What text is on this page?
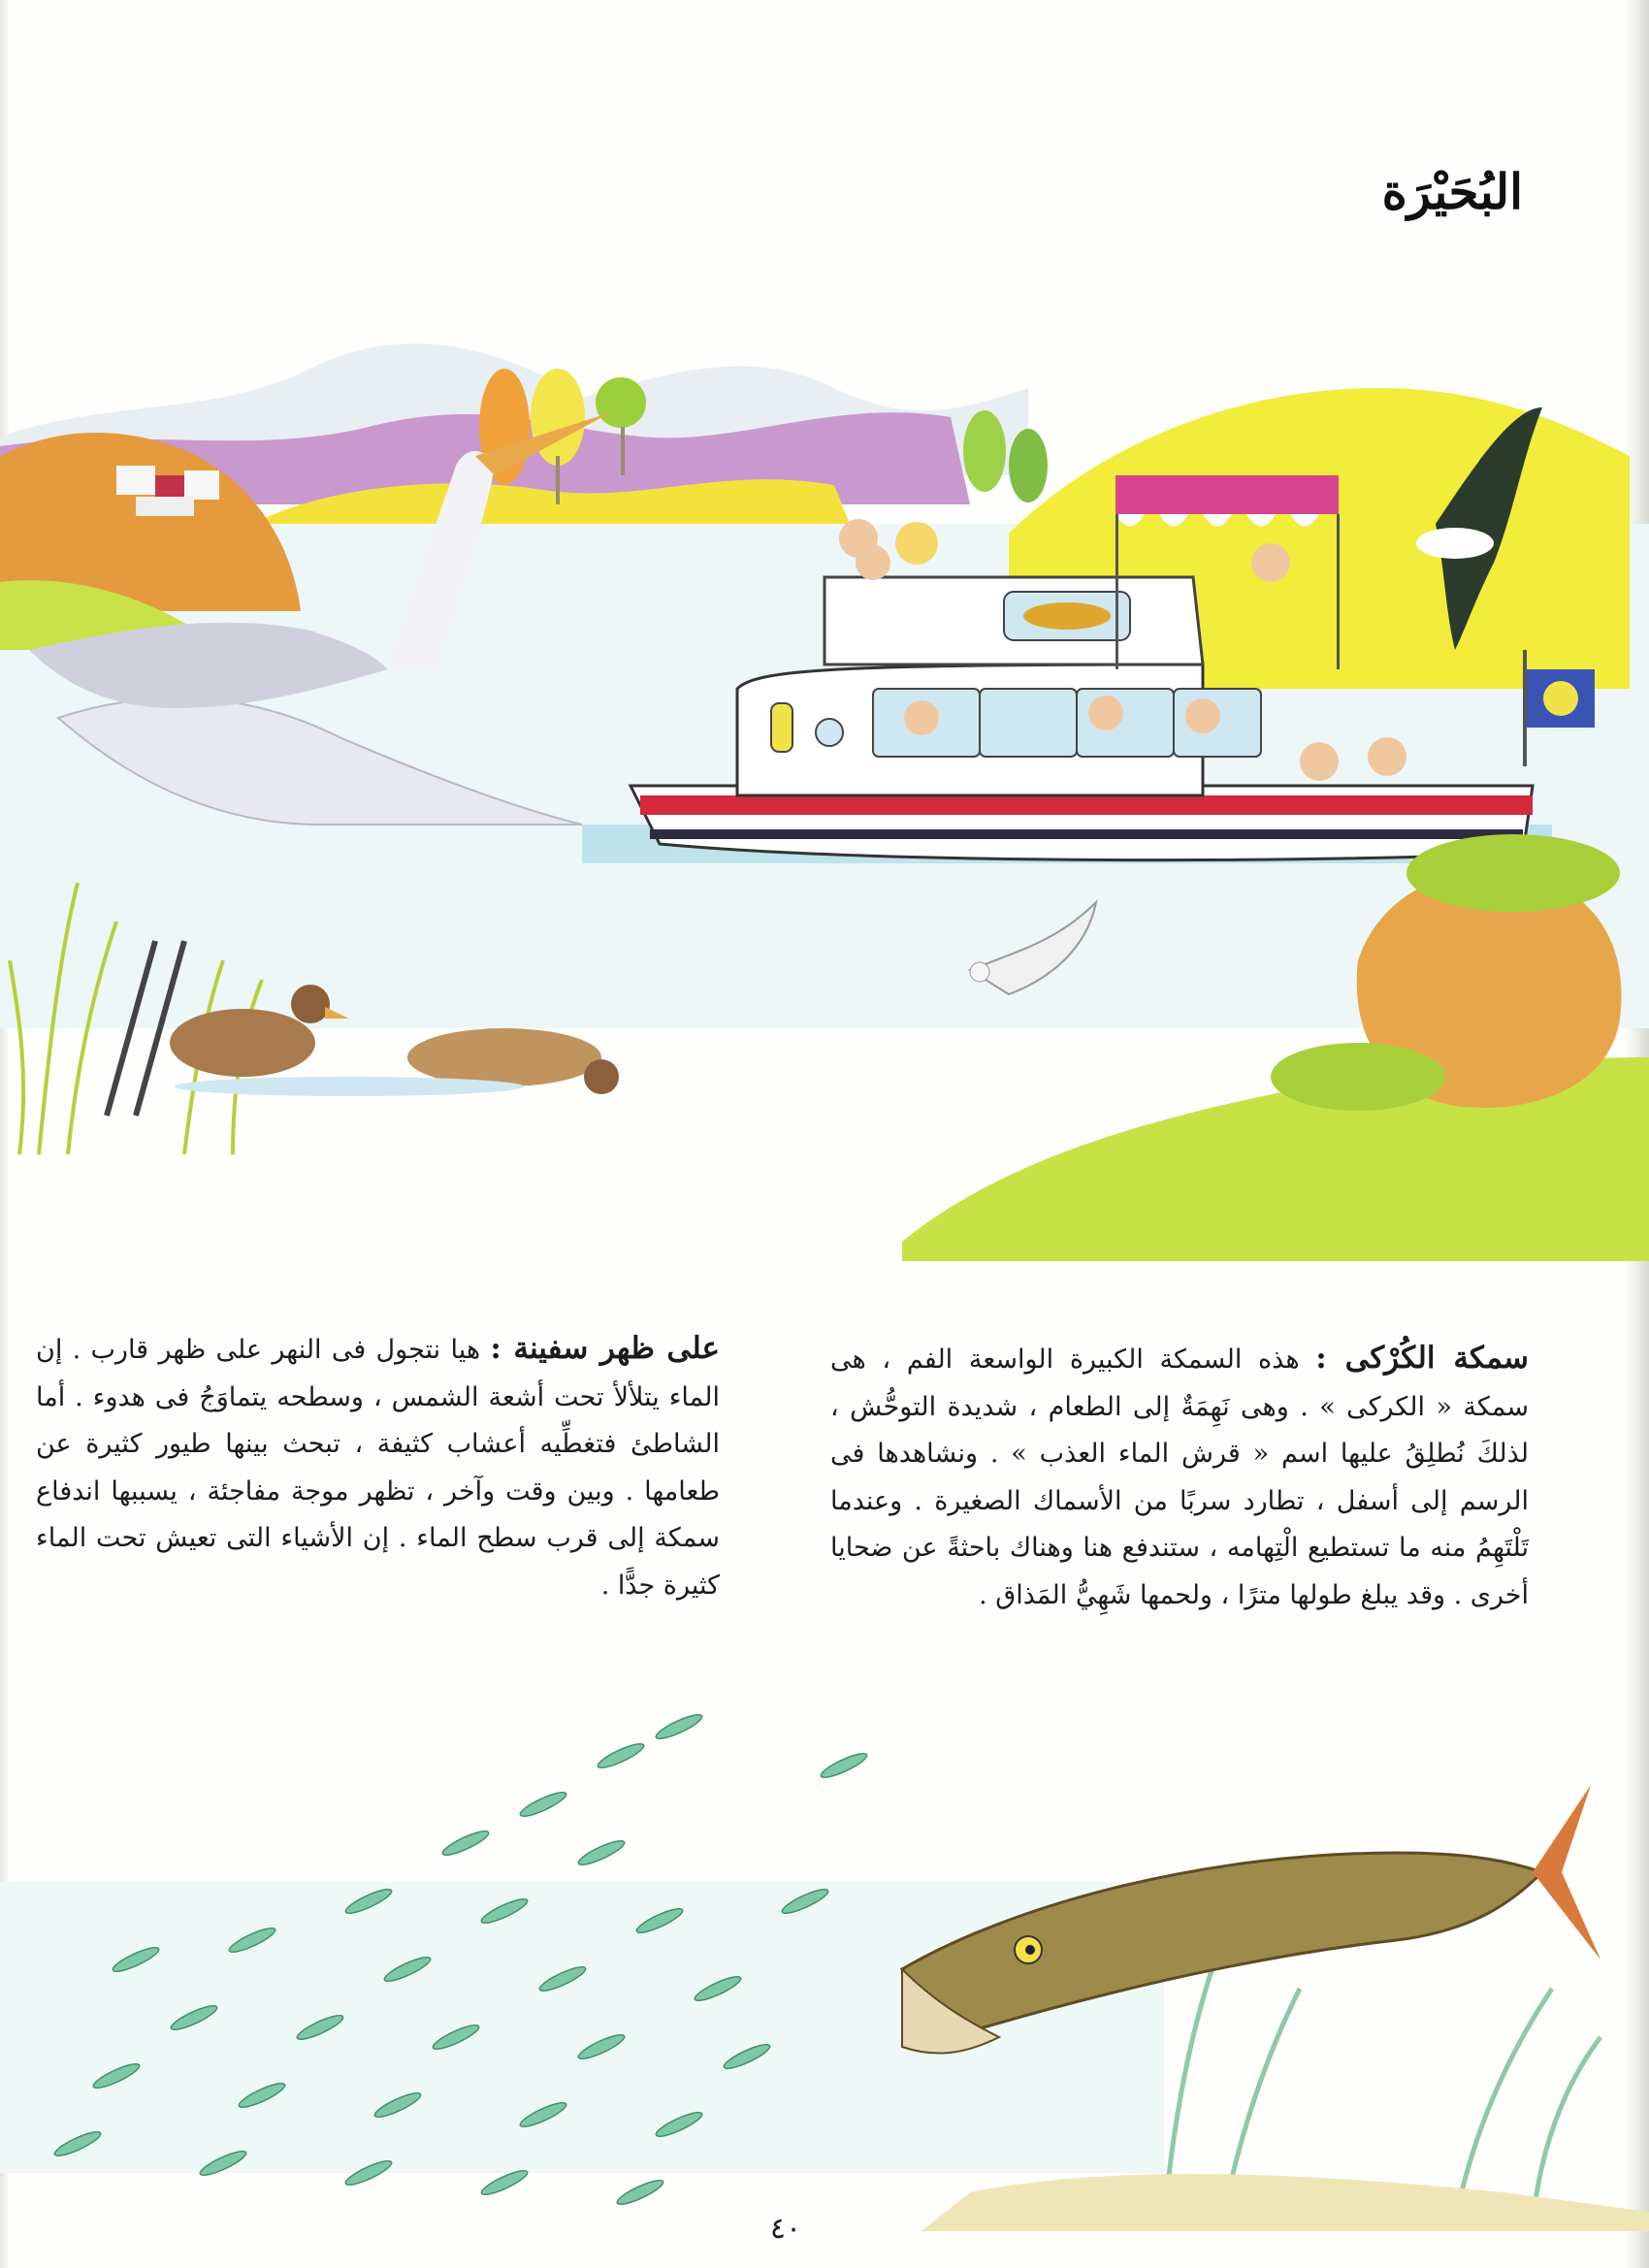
البُحَيْرَة
سمكة الكُرْكى : هذه السمكة الكبيرة الواسعة الفم ، هى سمكة « الكركى » . وهى نَهِمَةٌ إلى الطعام ، شديدة التوحُّش ، لذلكَ نُطلِقُ عليها اسم « قرش الماء العذب » . ونشاهدها فى الرسم إلى أسفل ، تطارد سربًا من الأسماك الصغيرة . وعندما تَلْتَهِمُ منه ما تستطيع الْتِهامه ، ستندفع هنا وهناك باحثةً عن ضحايا أخرى . وقد يبلغ طولها مترًا ، ولحمها شَهِيُّ المَذاق .
على ظهر سفينة : هيا نتجول فى النهر على ظهر قارب . إن الماء يتلألأ تحت أشعة الشمس ، وسطحه يتماوَجُ فى هدوء . أما الشاطئ فتغطِّيه أعشاب كثيفة ، تبحث بينها طيور كثيرة عن طعامها . وبين وقت وآخر ، تظهر موجة مفاجئة ، يسببها اندفاع سمكة إلى قرب سطح الماء . إن الأشياء التى تعيش تحت الماء كثيرة جدًّا .
٤٠
